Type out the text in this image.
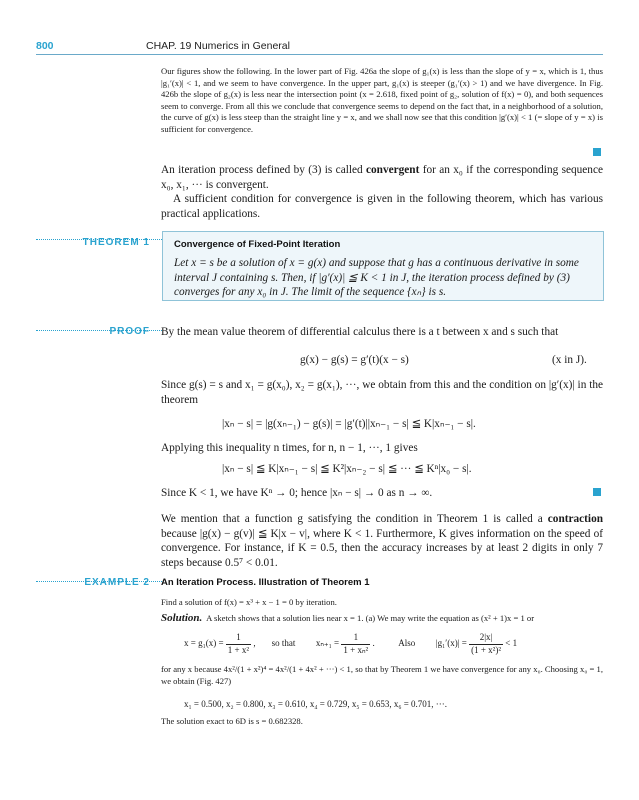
800	CHAP. 19 Numerics in General

Our figures show the following. In the lower part of Fig. 426a the slope of g₁(x) is less than the slope of y = x, which is 1, thus |g₁′(x)| < 1, and we seem to have convergence. In the upper part, g₁(x) is steeper (g₁′(x) > 1) and we have divergence. In Fig. 426b the slope of g₂(x) is less near the intersection point (x = 2.618, fixed point of g₂, solution of f(x) = 0), and both sequences seem to converge. From all this we conclude that convergence seems to depend on the fact that, in a neighborhood of a solution, the curve of g(x) is less steep than the straight line y = x, and we shall now see that this condition |g′(x)| < 1 (= slope of y = x) is sufficient for convergence.

An iteration process defined by (3) is called convergent for an x₀ if the corresponding sequence x₀, x₁, ··· is convergent.

A sufficient condition for convergence is given in the following theorem, which has various practical applications.

THEOREM 1	Convergence of Fixed-Point Iteration

Let x = s be a solution of x = g(x) and suppose that g has a continuous derivative in some interval J containing s. Then, if |g′(x)| ≦ K < 1 in J, the iteration process defined by (3) converges for any x₀ in J. The limit of the sequence {xₙ} is s.

PROOF By the mean value theorem of differential calculus there is a t between x and s such that

g(x) − g(s) = g′(t)(x − s)	(x in J).

Since g(s) = s and x₁ = g(x₀), x₂ = g(x₁), ···, we obtain from this and the condition on |g′(x)| in the theorem

|xₙ − s| = |g(xₙ₋₁) − g(s)| = |g′(t)||xₙ₋₁ − s| ≦ K|xₙ₋₁ − s|.

Applying this inequality n times, for n, n − 1, ···, 1 gives

|xₙ − s| ≦ K|xₙ₋₁ − s| ≦ K²|xₙ₋₂ − s| ≦ ··· ≦ Kⁿ|x₀ − s|.

Since K < 1, we have Kⁿ → 0; hence |xₙ − s| → 0 as n → ∞.

We mention that a function g satisfying the condition in Theorem 1 is called a contraction because |g(x) − g(v)| ≦ K|x − v|, where K < 1. Furthermore, K gives information on the speed of convergence. For instance, if K = 0.5, then the accuracy increases by at least 2 digits in only 7 steps because 0.5⁷ < 0.01.

EXAMPLE 2 An Iteration Process. Illustration of Theorem 1

Find a solution of f(x) = x³ + x − 1 = 0 by iteration.

Solution. A sketch shows that a solution lies near x = 1. (a) We may write the equation as (x² + 1)x = 1 or

$x = g_1(x) = \frac{1}{\text{1 + x²}}$ , so that $x_{n+1} = \frac{1}{\text{1 + xₙ²}}$ .	Also $|g_1'(x)| = \frac{2|x|}{\text{(1 + x²)²}} < 1$

for any x because 4x²/(1 + x²)⁴ = 4x²/(1 + 4x² + ···) < 1, so that by Theorem 1 we have convergence for any x₀. Choosing x₀ = 1, we obtain (Fig. 427)

x₁ = 0.500, x₂ = 0.800, x₃ = 0.610, x₄ = 0.729, x₅ = 0.653, x₆ = 0.701, ···.

The solution exact to 6D is s = 0.682328.
